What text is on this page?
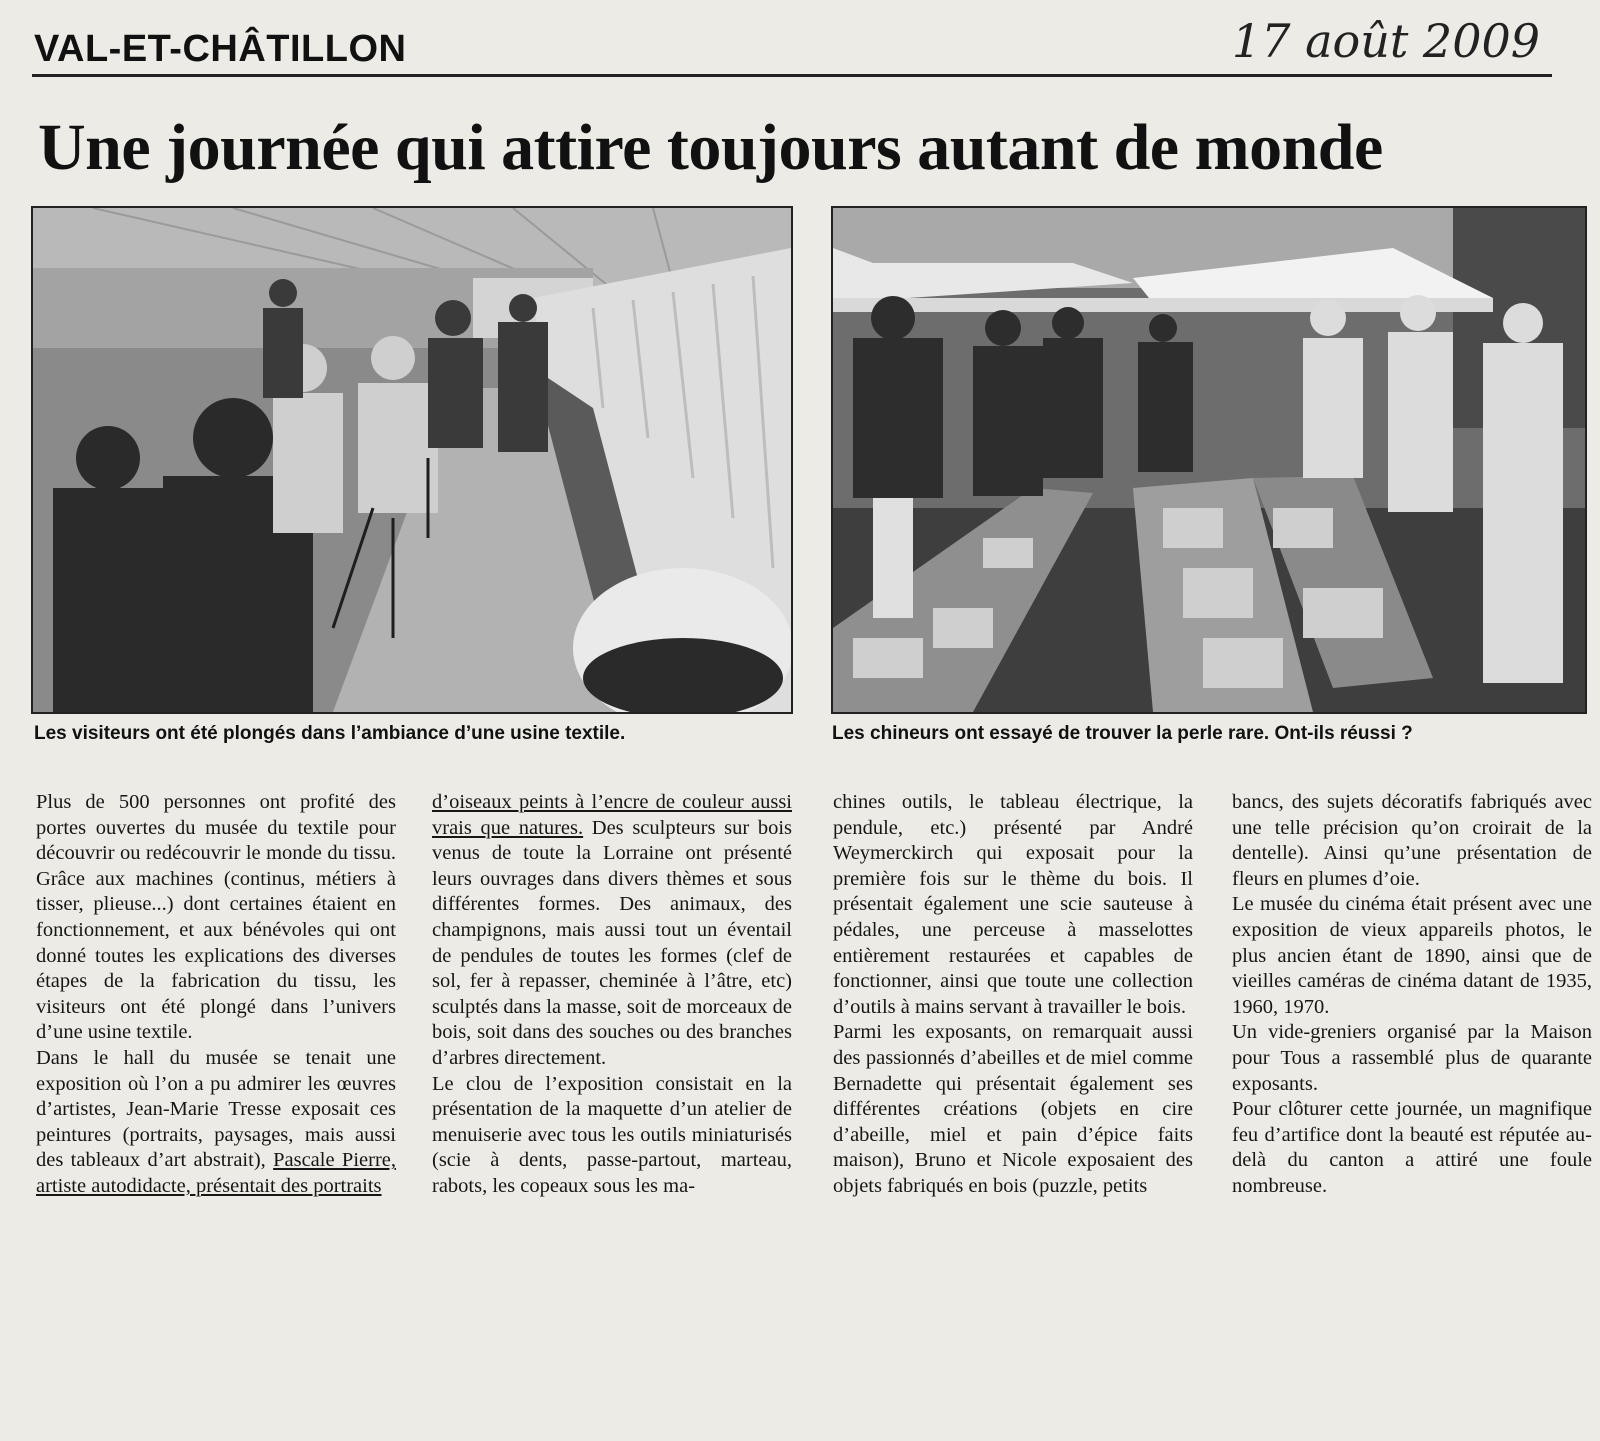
VAL-ET-CHÂTILLON	17 août 2009
Une journée qui attire toujours autant de monde
Les visiteurs ont été plongés dans l’ambiance d’une usine textile.	Les chineurs ont essayé de trouver la perle rare. Ont-ils réussi ?

Plus de 500 personnes ont profité des portes ouvertes du musée du textile pour découvrir ou redécouvrir le monde du tissu. Grâce aux machines (continus, métiers à tisser, plieuse...) dont certaines étaient en fonctionnement, et aux bénévoles qui ont donné toutes les explications des diverses étapes de la fabrication du tissu, les visiteurs ont été plongé dans l’univers d’une usine textile.

Dans le hall du musée se tenait une exposition où l’on a pu admirer les œuvres d’artistes, Jean-Marie Tresse exposait ces peintures (portraits, paysages, mais aussi des tableaux d’art abstrait), Pascale Pierre, artiste autodidacte, présentait des portraits

d’oiseaux peints à l’encre de couleur aussi vrais que natures. Des sculpteurs sur bois venus de toute la Lorraine ont présenté leurs ouvrages dans divers thèmes et sous différentes formes. Des animaux, des champignons, mais aussi tout un éventail de pendules de toutes les formes (clef de sol, fer à repasser, cheminée à l’âtre, etc) sculptés dans la masse, soit de morceaux de bois, soit dans des souches ou des branches d’arbres directement.

Le clou de l’exposition consistait en la présentation de la maquette d’un atelier de menuiserie avec tous les outils miniaturisés (scie à dents, passe-partout, marteau, rabots, les copeaux sous les ma-

chines outils, le tableau électrique, la pendule, etc.) présenté par André Weymerckirch qui exposait pour la première fois sur le thème du bois. Il présentait également une scie sauteuse à pédales, une perceuse à masselottes entièrement restaurées et capables de fonctionner, ainsi que toute une collection d’outils à mains servant à travailler le bois.

Parmi les exposants, on remarquait aussi des passionnés d’abeilles et de miel comme Bernadette qui présentait également ses différentes créations (objets en cire d’abeille, miel et pain d’épice faits maison), Bruno et Nicole exposaient des objets fabriqués en bois (puzzle, petits

bancs, des sujets décoratifs fabriqués avec une telle précision qu’on croirait de la dentelle). Ainsi qu’une présentation de fleurs en plumes d’oie.

Le musée du cinéma était présent avec une exposition de vieux appareils photos, le plus ancien étant de 1890, ainsi que de vieilles caméras de cinéma datant de 1935, 1960, 1970.

Un vide-greniers organisé par la Maison pour Tous a rassemblé plus de quarante exposants.

Pour clôturer cette journée, un magnifique feu d’artifice dont la beauté est réputée au-delà du canton a attiré une foule nombreuse.
